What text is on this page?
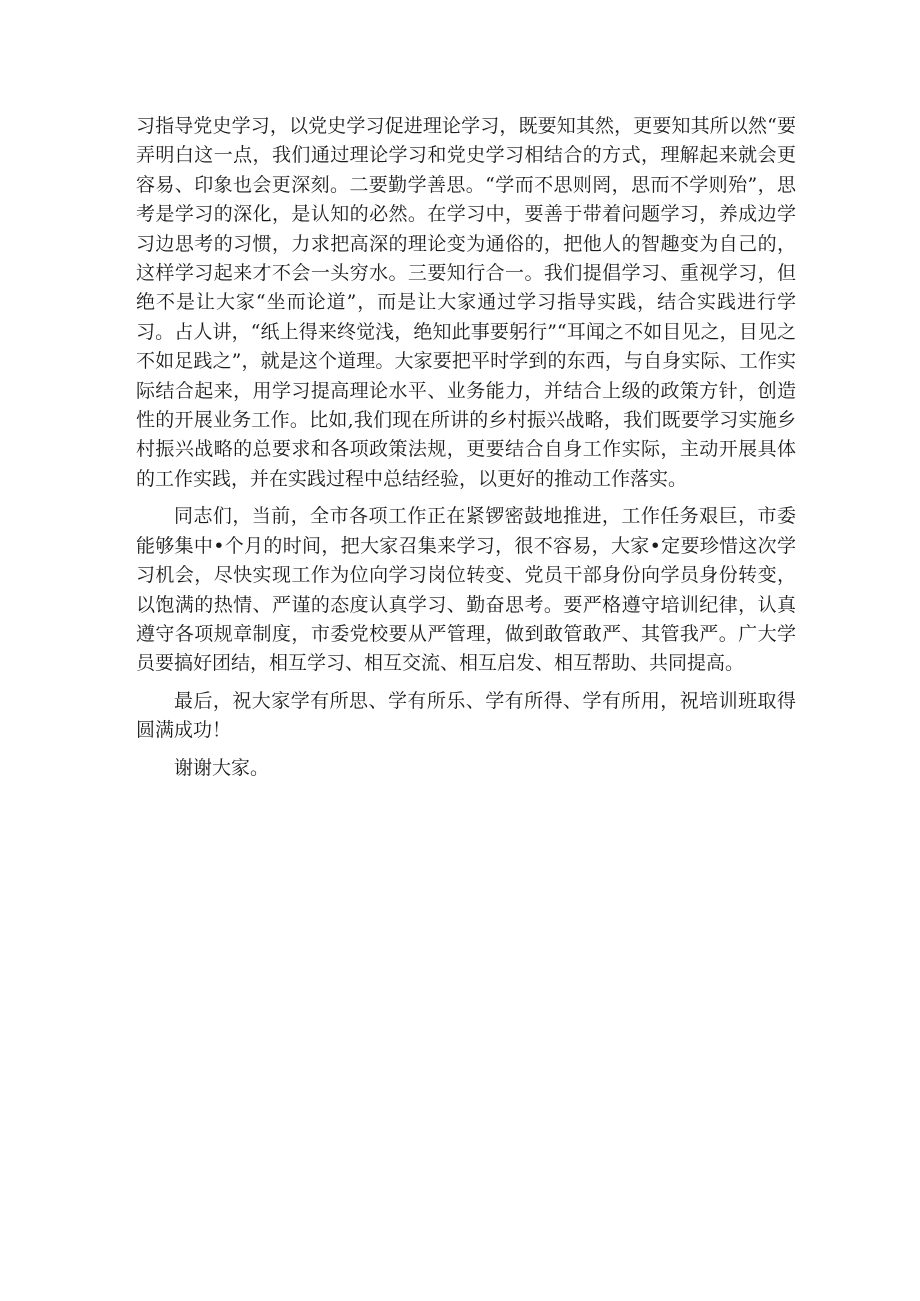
习指导党史学习，以党史学习促进理论学习，既要知其然，更要知其所以然“要弄明白这一点，我们通过理论学习和党史学习相结合的方式，理解起来就会更容易、印象也会更深刻。二要勤学善思。“学而不思则罔，思而不学则殆”，思考是学习的深化，是认知的必然。在学习中，要善于带着问题学习，养成边学习边思考的习惯，力求把高深的理论变为通俗的，把他人的智趣变为自己的，这样学习起来才不会一头穷水。三要知行合一。我们提倡学习、重视学习，但绝不是让大家“坐而论道”，而是让大家通过学习指导实践，结合实践进行学习。占人讲，“纸上得来终觉浅，绝知此事要躬行”“耳闻之不如目见之，目见之不如足践之”，就是这个道理。大家要把平时学到的东西，与自身实际、工作实际结合起来，用学习提高理论水平、业务能力，并结合上级的政策方针，创造性的开展业务工作。比如,我们现在所讲的乡村振兴战略，我们既要学习实施乡村振兴战略的总要求和各项政策法规，更要结合自身工作实际，主动开展具体的工作实践，并在实践过程中总结经验，以更好的推动工作落实。

同志们，当前，全市各项工作正在紧锣密鼓地推进，工作任务艰巨，市委能够集中•个月的时间，把大家召集来学习，很不容易，大家•定要珍惜这次学习机会，尽快实现工作为位向学习岗位转变、党员干部身份向学员身份转变，以饱满的热情、严谨的态度认真学习、勤奋思考。要严格遵守培训纪律，认真遵守各项规章制度，市委党校要从严管理，做到敢管敢严、其管我严。广大学员要搞好团结，相互学习、相互交流、相互启发、相互帮助、共同提高。

最后，祝大家学有所思、学有所乐、学有所得、学有所用，祝培训班取得圆满成功！

谢谢大家。
